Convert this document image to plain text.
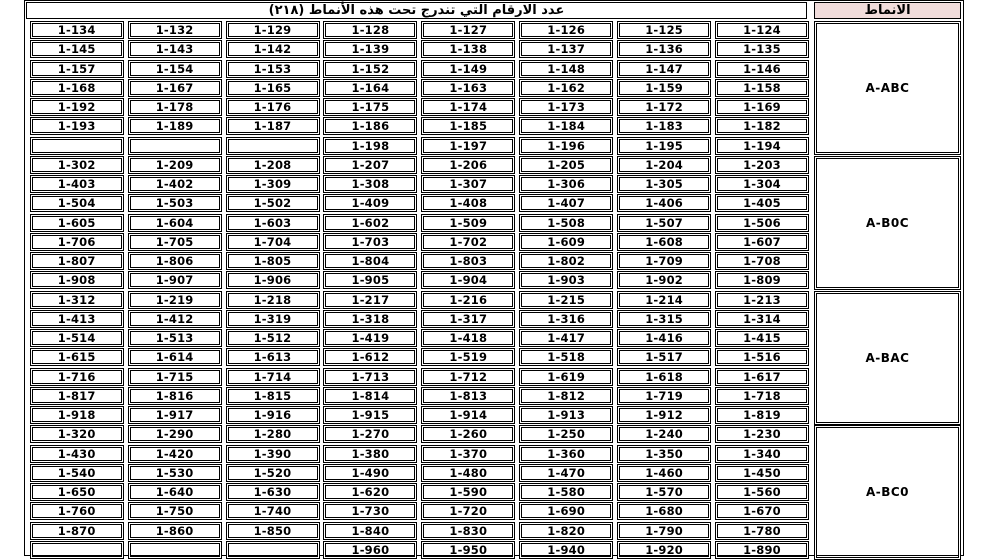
عدد الارقام التي تندرج تحت هذه الأنماط (٢١٨)
1-124
1-125
1-126
1-127
1-128
1-129
1-132
1-134
1-135
1-136
1-137
1-138
1-139
1-142
1-143
1-145
1-146
1-147
1-148
1-149
1-152
1-153
1-154
1-157
1-158
1-159
1-162
1-163
1-164
1-165
1-167
1-168
1-169
1-172
1-173
1-174
1-175
1-176
1-178
1-192
1-182
1-183
1-184
1-185
1-186
1-187
1-189
1-193
1-194
1-195
1-196
1-197
1-198
1-203
1-204
1-205
1-206
1-207
1-208
1-209
1-302
1-304
1-305
1-306
1-307
1-308
1-309
1-402
1-403
1-405
1-406
1-407
1-408
1-409
1-502
1-503
1-504
1-506
1-507
1-508
1-509
1-602
1-603
1-604
1-605
1-607
1-608
1-609
1-702
1-703
1-704
1-705
1-706
1-708
1-709
1-802
1-803
1-804
1-805
1-806
1-807
1-809
1-902
1-903
1-904
1-905
1-906
1-907
1-908
1-213
1-214
1-215
1-216
1-217
1-218
1-219
1-312
1-314
1-315
1-316
1-317
1-318
1-319
1-412
1-413
1-415
1-416
1-417
1-418
1-419
1-512
1-513
1-514
1-516
1-517
1-518
1-519
1-612
1-613
1-614
1-615
1-617
1-618
1-619
1-712
1-713
1-714
1-715
1-716
1-718
1-719
1-812
1-813
1-814
1-815
1-816
1-817
1-819
1-912
1-913
1-914
1-915
1-916
1-917
1-918
1-230
1-240
1-250
1-260
1-270
1-280
1-290
1-320
1-340
1-350
1-360
1-370
1-380
1-390
1-420
1-430
1-450
1-460
1-470
1-480
1-490
1-520
1-530
1-540
1-560
1-570
1-580
1-590
1-620
1-630
1-640
1-650
1-670
1-680
1-690
1-720
1-730
1-740
1-750
1-760
1-780
1-790
1-820
1-830
1-840
1-850
1-860
1-870
1-890
1-920
1-940
1-950
1-960
الانماط
A-ABC
A-B0C
A-BAC
A-BC0
